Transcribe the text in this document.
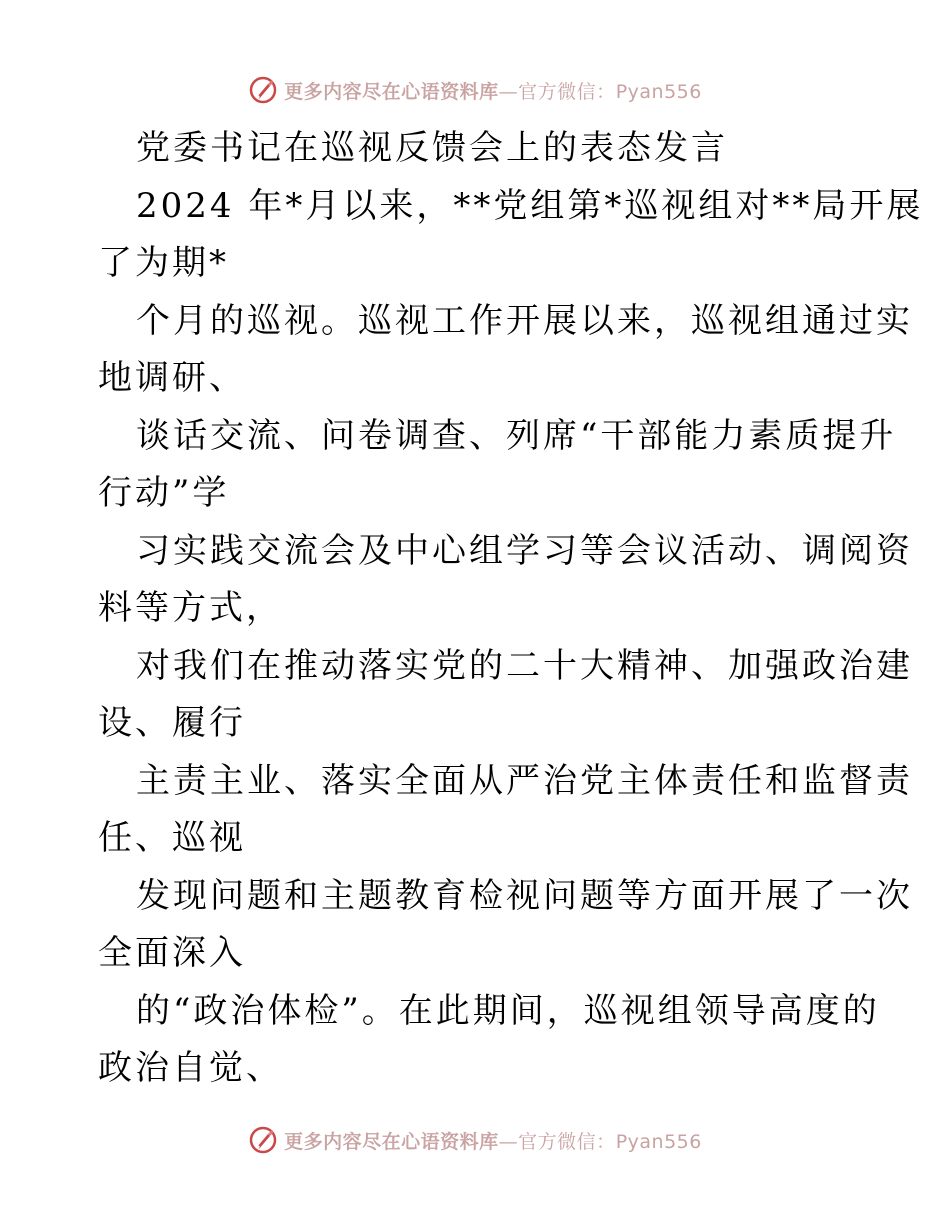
更多内容尽在心语资料库—官方微信：Pyan556
党委书记在巡视反馈会上的表态发言
2024 年*月以来，**党组第*巡视组对**局开展
了为期*
个月的巡视。巡视工作开展以来，巡视组通过实
地调研、
谈话交流、问卷调查、列席“干部能力素质提升
行动”学
习实践交流会及中心组学习等会议活动、调阅资
料等方式，
对我们在推动落实党的二十大精神、加强政治建
设、履行
主责主业、落实全面从严治党主体责任和监督责
任、巡视
发现问题和主题教育检视问题等方面开展了一次
全面深入
的“政治体检”。在此期间，巡视组领导高度的
政治自觉、
更多内容尽在心语资料库—官方微信：Pyan556
